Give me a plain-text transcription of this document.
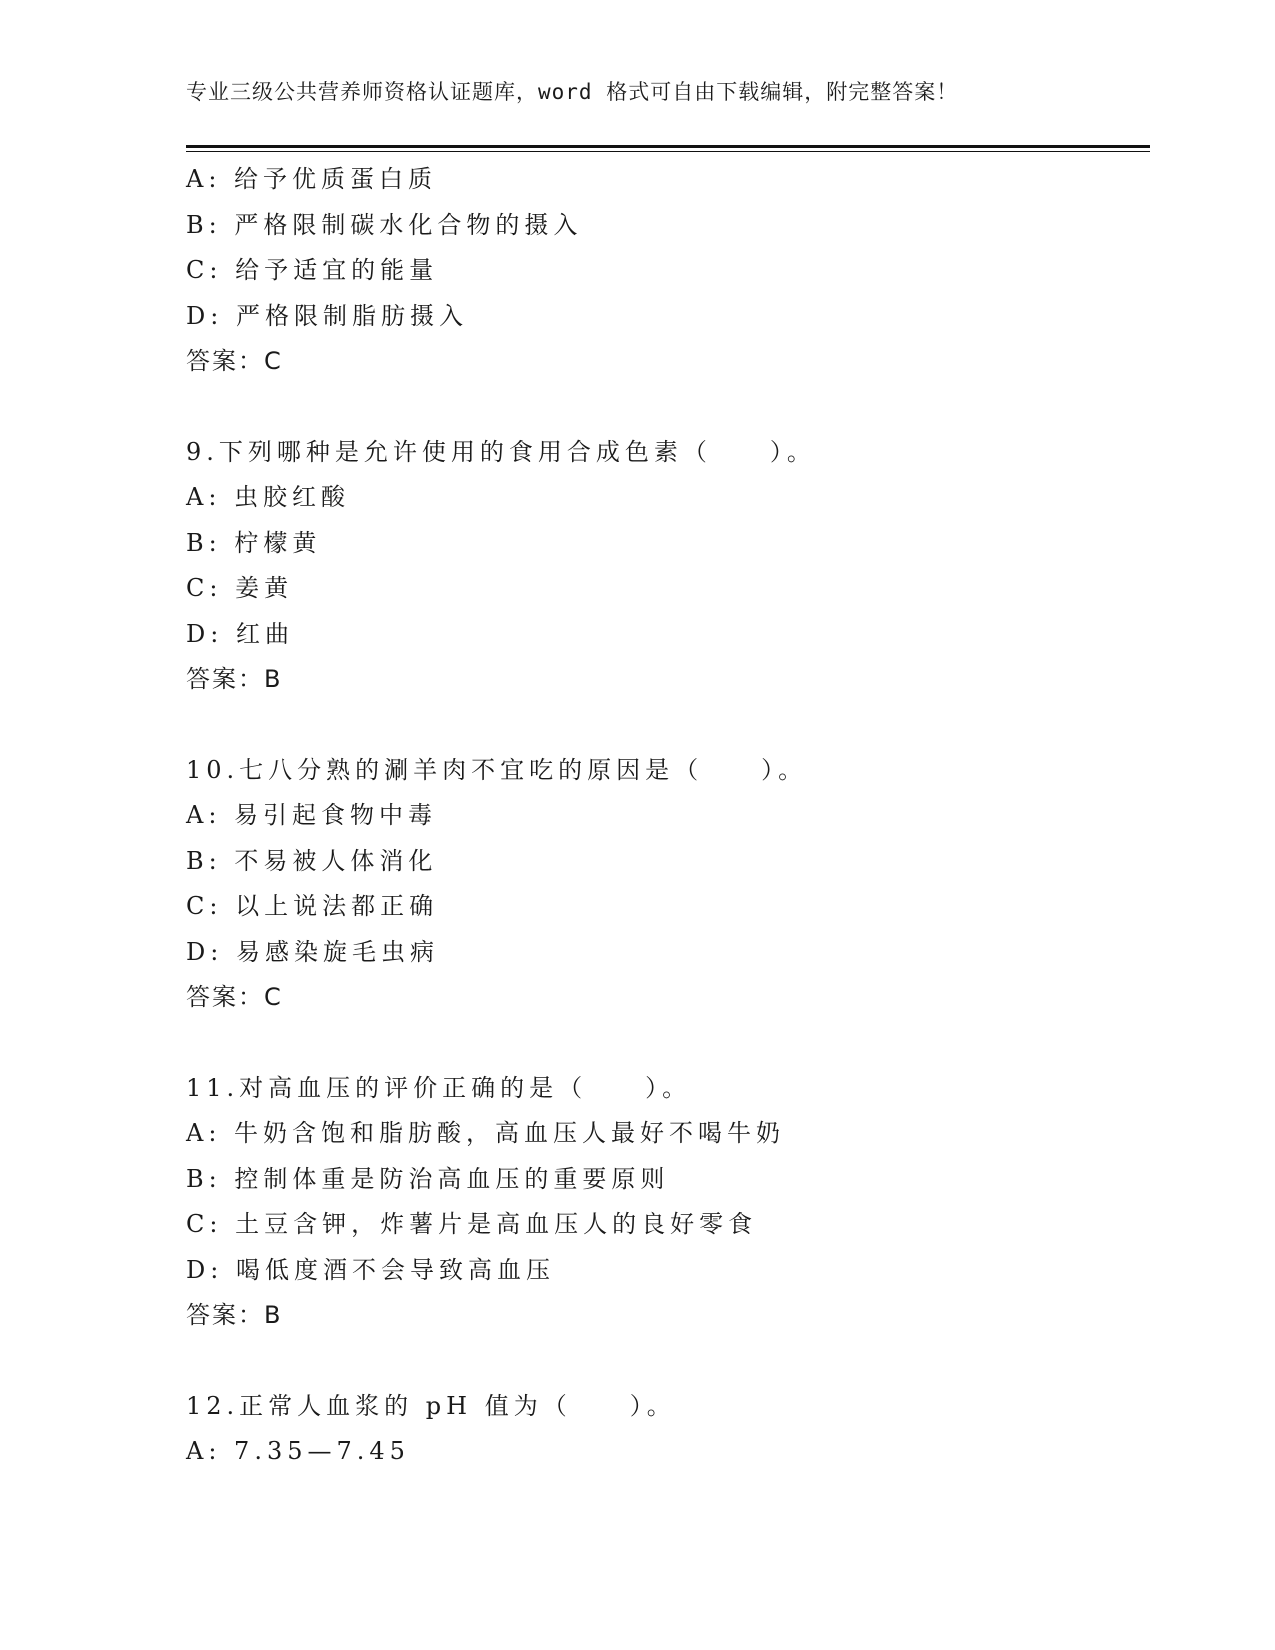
专业三级公共营养师资格认证题库，word 格式可自由下载编辑，附完整答案！
A: 给予优质蛋白质
B: 严格限制碳水化合物的摄入
C: 给予适宜的能量
D: 严格限制脂肪摄入
答案：C
9.下列哪种是允许使用的食用合成色素（　　）。
A: 虫胶红酸
B: 柠檬黄
C: 姜黄
D: 红曲
答案：B
10.七八分熟的涮羊肉不宜吃的原因是（　　）。
A: 易引起食物中毒
B: 不易被人体消化
C: 以上说法都正确
D: 易感染旋毛虫病
答案：C
11.对高血压的评价正确的是（　　）。
A: 牛奶含饱和脂肪酸，高血压人最好不喝牛奶
B: 控制体重是防治高血压的重要原则
C: 土豆含钾，炸薯片是高血压人的良好零食
D: 喝低度酒不会导致高血压
答案：B
12.正常人血浆的 pH 值为（　　）。
A: 7.35—7.45
